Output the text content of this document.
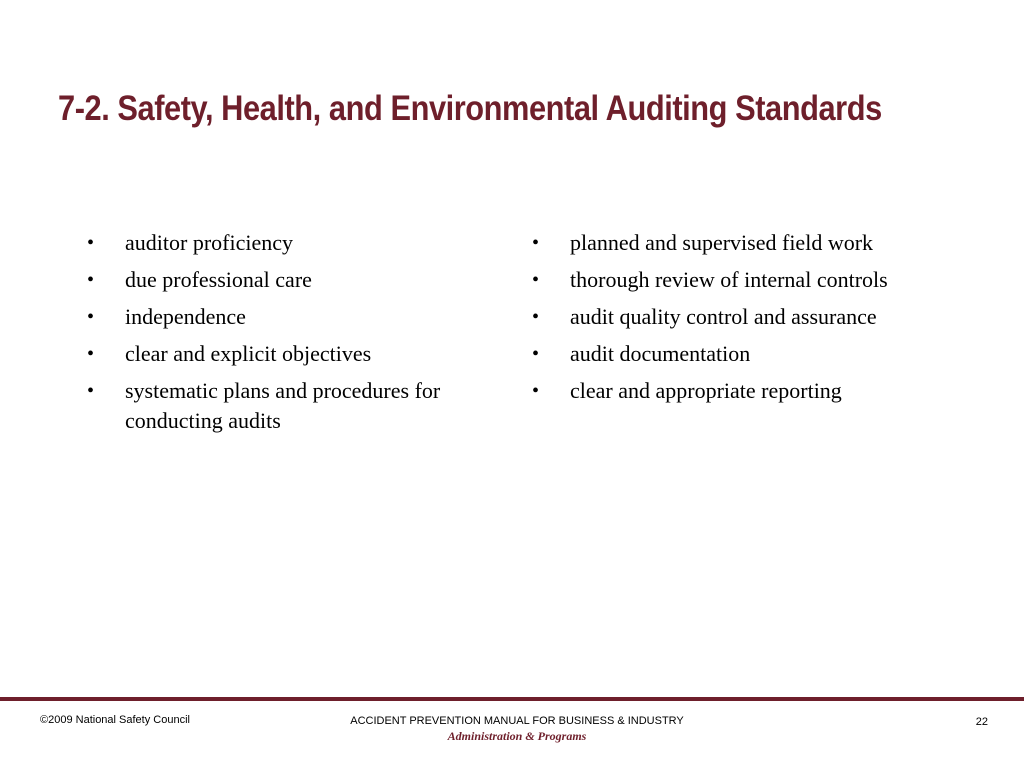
7-2. Safety, Health, and Environmental Auditing Standards
• auditor proficiency
• due professional care
• independence
• clear and explicit objectives
• systematic plans and procedures for conducting audits
• planned and supervised field work
• thorough review of internal controls
• audit quality control and assurance
• audit documentation
• clear and appropriate reporting
©2009 National Safety Council	ACCIDENT PREVENTION MANUAL FOR BUSINESS & INDUSTRY
Administration & Programs
22
